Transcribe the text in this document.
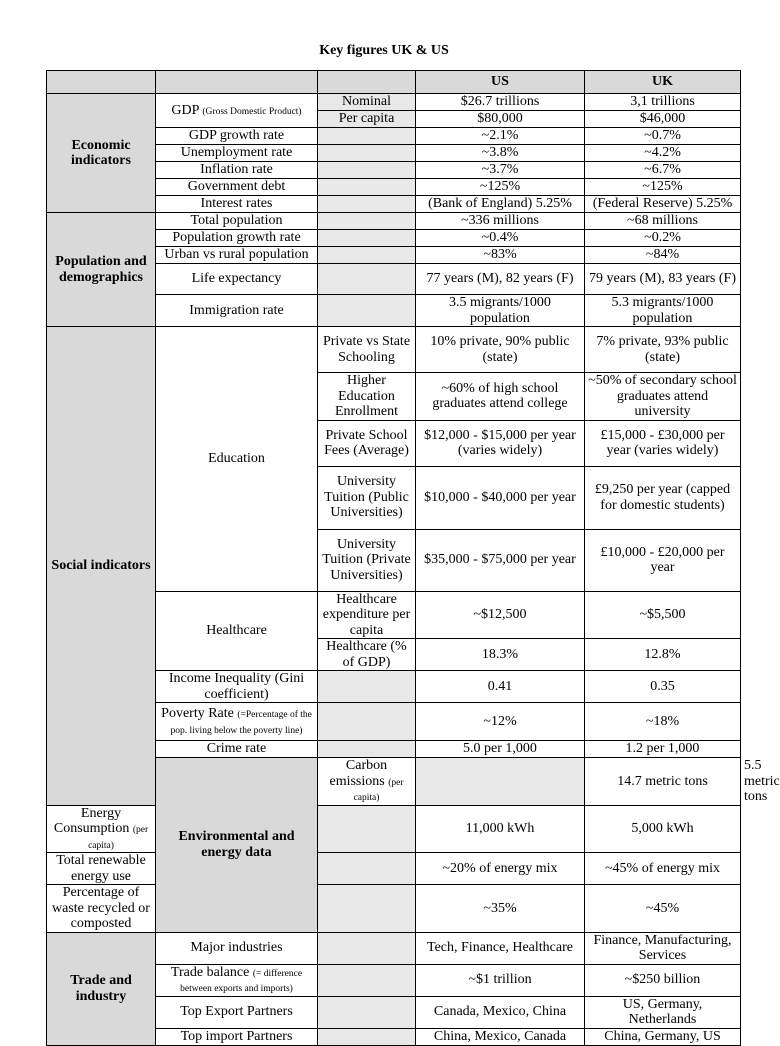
Key figures UK & US
			US	UK	
Economic indicators	GDP (Gross Domestic Product)	Nominal	$26.7 trillions	3,1 trillions	
		Per capita	$80,000	$46,000	
	GDP growth rate		~2.1%	~0.7%	
	Unemployment rate		~3.8%	~4.2%	
	Inflation rate		~3.7%	~6.7%	
	Government debt		~125%	~125%	
	Interest rates		(Bank of England) 5.25%	(Federal Reserve) 5.25%	
Population and demographics	Total population		~336 millions	~68 millions	
	Population growth rate		~0.4%	~0.2%	
	Urban vs rural population		~83%	~84%	
	Life expectancy		77 years (M), 82 years (F)	79 years (M), 83 years (F)	
	Immigration rate		3.5 migrants/1000 population	5.3 migrants/1000 population	
Social indicators	Education	Private vs State Schooling	10% private, 90% public (state)	7% private, 93% public (state)	
		Higher Education Enrollment	~60% of high school graduates attend college	~50% of secondary school graduates attend university	
		Private School Fees (Average)	$12,000 - $15,000 per year (varies widely)	£15,000 - £30,000 per year (varies widely)	
		University Tuition (Public Universities)	$10,000 - $40,000 per year	£9,250 per year (capped for domestic students)	
		University Tuition (Private Universities)	$35,000 - $75,000 per year	£10,000 - £20,000 per year	
	Healthcare	Healthcare expenditure per capita	~$12,500	~$5,500	
		Healthcare (% of GDP)	18.3%	12.8%	
	Income Inequality (Gini coefficient)		0.41	0.35	
	Poverty Rate (=Percentage of the pop. living below the poverty line)		~12%	~18%	
	Crime rate		5.0 per 1,000	1.2 per 1,000	
	Environmental and energy data	Carbon emissions (per capita)		14.7 metric tons	5.5 metric tons
Energy Consumption (per capita)			11,000 kWh	5,000 kWh	
Total renewable energy use			~20% of energy mix	~45% of energy mix	
Percentage of waste recycled or composted			~35%	~45%	
Trade and industry	Major industries		Tech, Finance, Healthcare	Finance, Manufacturing, Services	
	Trade balance (= difference between exports and imports)		~$1 trillion	~$250 billion	
	Top Export Partners		Canada, Mexico, China	US, Germany, Netherlands	
	Top import Partners		China, Mexico, Canada	China, Germany, US	
